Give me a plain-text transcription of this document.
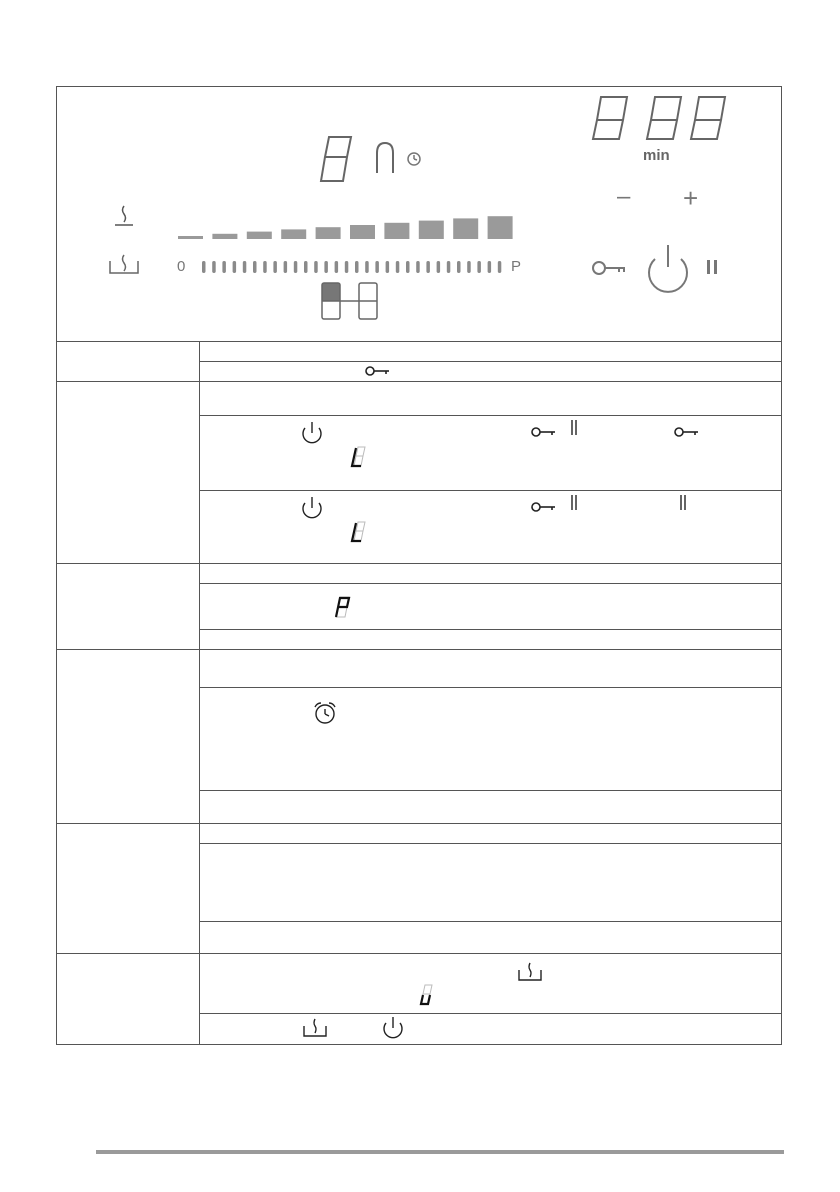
min
– +
0	P
